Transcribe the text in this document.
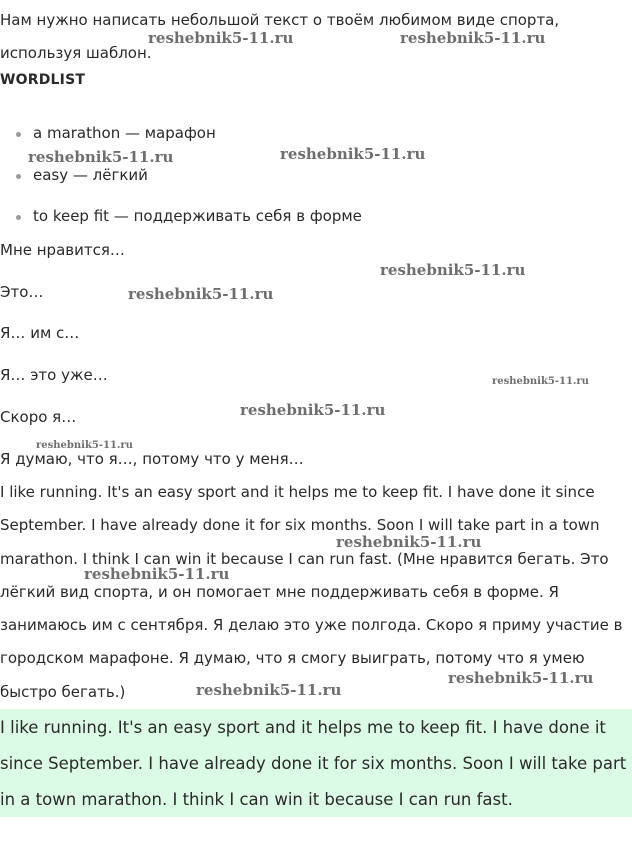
Нам нужно написать небольшой текст о твоём любимом виде спорта, используя шаблон.

WORDLIST
a marathon — марафон
easy — лёгкий
to keep fit — поддерживать себя в форме

Мне нравится…

Это…

Я… им с…

Я… это уже…

Скоро я…

Я думаю, что я…, потому что у меня…

I like running. It's an easy sport and it helps me to keep fit. I have done it since September. I have already done it for six months. Soon I will take part in a town marathon. I think I can win it because I can run fast. (Мне нравится бегать. Это лёгкий вид спорта, и он помогает мне поддерживать себя в форме. Я занимаюсь им с сентября. Я делаю это уже полгода. Скоро я приму участие в городском марафоне. Я думаю, что я смогу выиграть, потому что я умею быстро бегать.)

I like running. It's an easy sport and it helps me to keep fit. I have done it since September. I have already done it for six months. Soon I will take part in a town marathon. I think I can win it because I can run fast.

reshebnik5-11.ru	reshebnik5-11.ru
reshebnik5-11.ru	reshebnik5-11.ru
reshebnik5-11.ru
reshebnik5-11.ru
reshebnik5-11.ru
reshebnik5-11.ru
reshebnik5-11.ru
reshebnik5-11.ru
reshebnik5-11.ru
reshebnik5-11.ru
reshebnik5-11.ru
